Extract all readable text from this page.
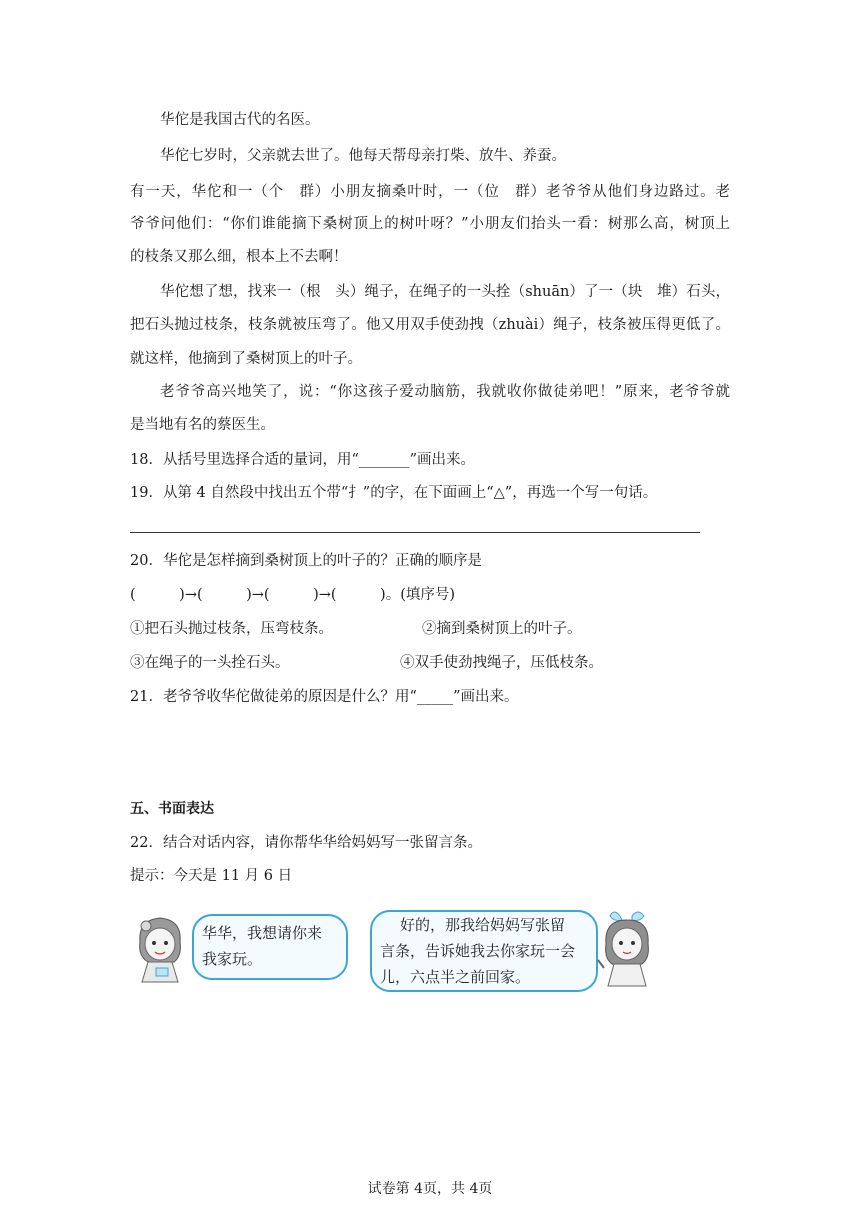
华佗是我国古代的名医。
华佗七岁时，父亲就去世了。他每天帮母亲打柴、放牛、养蚕。
有一天，华佗和一（个　群）小朋友摘桑叶时，一（位　群）老爷爷从他们身边路过。老
爷爷问他们：“你们谁能摘下桑树顶上的树叶呀？”小朋友们抬头一看：树那么高，树顶上
的枝条又那么细，根本上不去啊！
华佗想了想，找来一（根　头）绳子，在绳子的一头拴（shuān）了一（块　堆）石头，
把石头抛过枝条，枝条就被压弯了。他又用双手使劲拽（zhuài）绳子，枝条被压得更低了。
就这样，他摘到了桑树顶上的叶子。
老爷爷高兴地笑了，说：“你这孩子爱动脑筋，我就收你做徒弟吧！”原来，老爷爷就
是当地有名的蔡医生。
18．从括号里选择合适的量词，用“_______”画出来。
19．从第 4 自然段中找出五个带“扌”的字，在下面画上“△”，再选一个写一句话。
20．华佗是怎样摘到桑树顶上的叶子的？正确的顺序是
(　　　)→(　　　)→(　　　)→(　　　)。(填序号)
①把石头抛过枝条，压弯枝条。	②摘到桑树顶上的叶子。
③在绳子的一头拴石头。	④双手使劲拽绳子，压低枝条。
21．老爷爷收华佗做徒弟的原因是什么？用“_____”画出来。
五、书面表达
22．结合对话内容，请你帮华华给妈妈写一张留言条。
提示：今天是 11 月 6 日
华华，我想请你来
我家玩。
好的，那我给妈妈写张留
言条，告诉她我去你家玩一会
儿，六点半之前回家。
试卷第 4页，共 4页
